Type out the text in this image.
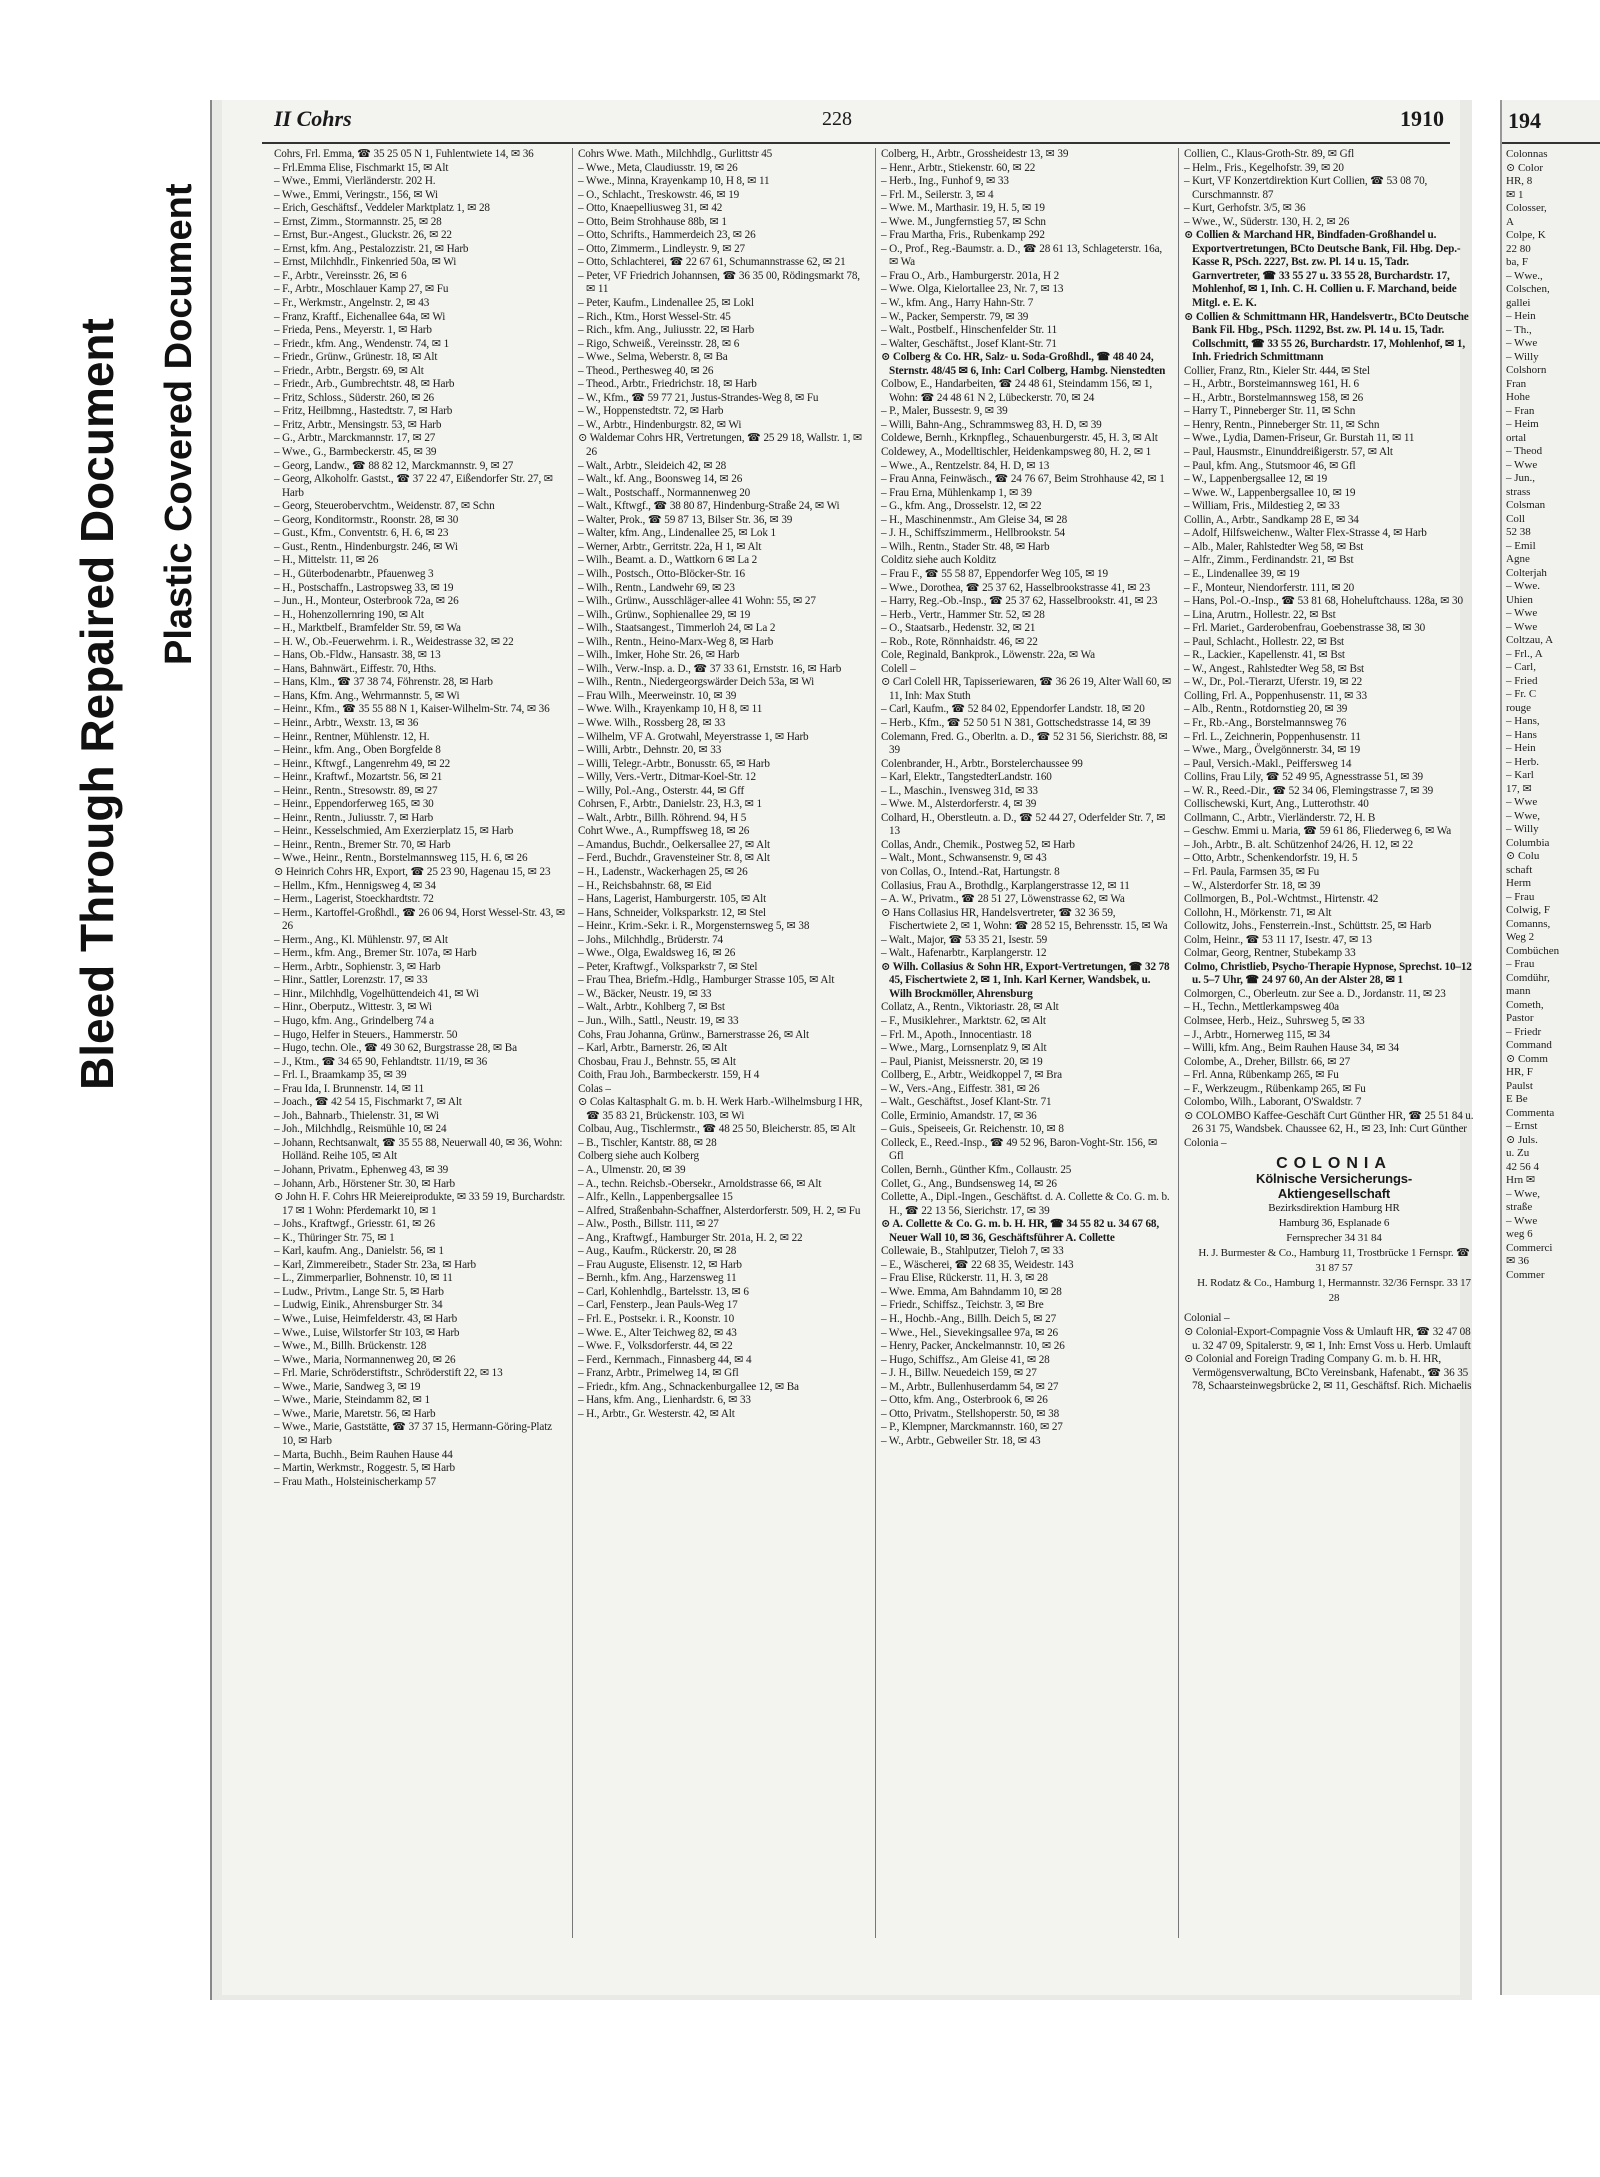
Bleed Through Repaired Document Plastic Covered Document
II Cohrs	228	1910

Cohrs, Frl. Emma, ☎ 35 25 05 N 1, Fuhlentwiete 14, ✉ 36

– Frl.Emma Elise, Fischmarkt 15, ✉ Alt

– Wwe., Emmi, Vierländerstr. 202 H.

– Wwe., Emmi, Veringstr., 156, ✉ Wi

– Erich, Geschäftsf., Veddeler Marktplatz 1, ✉ 28

– Ernst, Zimm., Stormannstr. 25, ✉ 28

– Ernst, Bur.-Angest., Gluckstr. 26, ✉ 22

– Ernst, kfm. Ang., Pestalozzistr. 21, ✉ Harb

– Ernst, Milchhdlr., Finkenried 50a, ✉ Wi

– F., Arbtr., Vereinsstr. 26, ✉ 6

– F., Arbtr., Moschlauer Kamp 27, ✉ Fu

– Fr., Werkmstr., Angelnstr. 2, ✉ 43

– Franz, Kraftf., Eichenallee 64a, ✉ Wi

– Frieda, Pens., Meyerstr. 1, ✉ Harb

– Friedr., kfm. Ang., Wendenstr. 74, ✉ 1

– Friedr., Grünw., Grünestr. 18, ✉ Alt

– Friedr., Arbtr., Bergstr. 69, ✉ Alt

– Friedr., Arb., Gumbrechtstr. 48, ✉ Harb

– Fritz, Schloss., Süderstr. 260, ✉ 26

– Fritz, Heilbmng., Hastedtstr. 7, ✉ Harb

– Fritz, Arbtr., Mensingstr. 53, ✉ Harb

– G., Arbtr., Marckmannstr. 17, ✉ 27

– Wwe., G., Barmbeckerstr. 45, ✉ 39

– Georg, Landw., ☎ 88 82 12, Marckmannstr. 9, ✉ 27

– Georg, Alkoholfr. Gastst., ☎ 37 22 47, Eißendorfer Str. 27, ✉ Harb

– Georg, Steuerobervchtm., Weidenstr. 87, ✉ Schn

– Georg, Konditormstr., Roonstr. 28, ✉ 30

– Gust., Kfm., Conventstr. 6, H. 6, ✉ 23

– Gust., Rentn., Hindenburgstr. 246, ✉ Wi

– H., Mittelstr. 11, ✉ 26

– H., Güterbodenarbtr., Pfauenweg 3

– H., Postschaffn., Lastropsweg 33, ✉ 19

– Jun., H., Monteur, Osterbrook 72a, ✉ 26

– H., Hohenzollernring 190, ✉ Alt

– H., Marktbelf., Bramfelder Str. 59, ✉ Wa

– H. W., Ob.-Feuerwehrm. i. R., Weidestrasse 32, ✉ 22

– Hans, Ob.-Fldw., Hansastr. 38, ✉ 13

– Hans, Bahnwärt., Eiffestr. 70, Hths.

– Hans, Klm., ☎ 37 38 74, Föhrenstr. 28, ✉ Harb

– Hans, Kfm. Ang., Wehrmannstr. 5, ✉ Wi

– Heinr., Kfm., ☎ 35 55 88 N 1, Kaiser-Wilhelm-Str. 74, ✉ 36

– Heinr., Arbtr., Wexstr. 13, ✉ 36

– Heinr., Rentner, Mühlenstr. 12, H.

– Heinr., kfm. Ang., Oben Borgfelde 8

– Heinr., Kftwgf., Langenrehm 49, ✉ 22

– Heinr., Kraftwf., Mozartstr. 56, ✉ 21

– Heinr., Rentn., Stresowstr. 89, ✉ 27

– Heinr., Eppendorferweg 165, ✉ 30

– Heinr., Rentn., Juliusstr. 7, ✉ Harb

– Heinr., Kesselschmied, Am Exerzierplatz 15, ✉ Harb

– Heinr., Rentn., Bremer Str. 70, ✉ Harb

– Wwe., Heinr., Rentn., Borstelmannsweg 115, H. 6, ✉ 26

⊙ Heinrich Cohrs HR, Export, ☎ 25 23 90, Hagenau 15, ✉ 23

– Hellm., Kfm., Hennigsweg 4, ✉ 34

– Herm., Lagerist, Stoeckhardtstr. 72

– Herm., Kartoffel-Großhdl., ☎ 26 06 94, Horst Wessel-Str. 43, ✉ 26

– Herm., Ang., Kl. Mühlenstr. 97, ✉ Alt

– Herm., kfm. Ang., Bremer Str. 107a, ✉ Harb

– Herm., Arbtr., Sophienstr. 3, ✉ Harb

– Hinr., Sattler, Lorenzstr. 17, ✉ 33

– Hinr., Milchhdlg, Vogelhüttendeich 41, ✉ Wi

– Hinr., Oberputz., Wittestr. 3, ✉ Wi

– Hugo, kfm. Ang., Grindelberg 74 a

– Hugo, Helfer in Steuers., Hammerstr. 50

– Hugo, techn. Ole., ☎ 49 30 62, Burgstrasse 28, ✉ Ba

– J., Ktm., ☎ 34 65 90, Fehlandtstr. 11/19, ✉ 36

– Frl. I., Braamkamp 35, ✉ 39

– Frau Ida, I. Brunnenstr. 14, ✉ 11

– Joach., ☎ 42 54 15, Fischmarkt 7, ✉ Alt

– Joh., Bahnarb., Thielenstr. 31, ✉ Wi

– Joh., Milchhdlg., Reismühle 10, ✉ 24

– Johann, Rechtsanwalt, ☎ 35 55 88, Neuerwall 40, ✉ 36, Wohn: Holländ. Reihe 105, ✉ Alt

– Johann, Privatm., Ephenweg 43, ✉ 39

– Johann, Arb., Hörstener Str. 30, ✉ Harb

⊙ John H. F. Cohrs HR Meiereiprodukte, ✉ 33 59 19, Burchardstr. 17 ✉ 1 Wohn: Pferdemarkt 10, ✉ 1

– Johs., Kraftwgf., Griesstr. 61, ✉ 26

– K., Thüringer Str. 75, ✉ 1

– Karl, kaufm. Ang., Danielstr. 56, ✉ 1

– Karl, Zimmereibetr., Stader Str. 23a, ✉ Harb

– L., Zimmerparlier, Bohnenstr. 10, ✉ 11

– Ludw., Privtm., Lange Str. 5, ✉ Harb

– Ludwig, Einik., Ahrensburger Str. 34

– Wwe., Luise, Heimfelderstr. 43, ✉ Harb

– Wwe., Luise, Wilstorfer Str 103, ✉ Harb

– Wwe., M., Billh. Brückenstr. 128

– Wwe., Maria, Normannenweg 20, ✉ 26

– Frl. Marie, Schröderstiftstr., Schröderstift 22, ✉ 13

– Wwe., Marie, Sandweg 3, ✉ 19

– Wwe., Marie, Steindamm 82, ✉ 1

– Wwe., Marie, Maretstr. 56, ✉ Harb

– Wwe., Marie, Gaststätte, ☎ 37 37 15, Hermann-Göring-Platz 10, ✉ Harb

– Marta, Buchh., Beim Rauhen Hause 44

– Martin, Werkmstr., Roggestr. 5, ✉ Harb

– Frau Math., Holsteinischerkamp 57

Cohrs Wwe. Math., Milchhdlg., Gurlittstr 45

– Wwe., Meta, Claudiusstr. 19, ✉ 26

– Wwe., Minna, Krayenkamp 10, H 8, ✉ 11

– O., Schlacht., Treskowstr. 46, ✉ 19

– Otto, Knaepelliusweg 31, ✉ 42

– Otto, Beim Strohhause 88b, ✉ 1

– Otto, Schrifts., Hammerdeich 23, ✉ 26

– Otto, Zimmerm., Lindleystr. 9, ✉ 27

– Otto, Schlachterei, ☎ 22 67 61, Schumannstrasse 62, ✉ 21

– Peter, VF Friedrich Johannsen, ☎ 36 35 00, Rödingsmarkt 78, ✉ 11

– Peter, Kaufm., Lindenallee 25, ✉ Lokl

– Rich., Ktm., Horst Wessel-Str. 45

– Rich., kfm. Ang., Juliusstr. 22, ✉ Harb

– Rigo, Schweiß., Vereinsstr. 28, ✉ 6

– Wwe., Selma, Weberstr. 8, ✉ Ba

– Theod., Perthesweg 40, ✉ 26

– Theod., Arbtr., Friedrichstr. 18, ✉ Harb

– W., Kfm., ☎ 59 77 21, Justus-Strandes-Weg 8, ✉ Fu

– W., Hoppenstedtstr. 72, ✉ Harb

– W., Arbtr., Hindenburgstr. 82, ✉ Wi

⊙ Waldemar Cohrs HR, Vertretungen, ☎ 25 29 18, Wallstr. 1, ✉ 26

– Walt., Arbtr., Sleideich 42, ✉ 28

– Walt., kf. Ang., Boonsweg 14, ✉ 26

– Walt., Postschaff., Normannenweg 20

– Walt., Kftwgf., ☎ 38 80 87, Hindenburg-Straße 24, ✉ Wi

– Walter, Prok., ☎ 59 87 13, Bilser Str. 36, ✉ 39

– Walter, kfm. Ang., Lindenallee 25, ✉ Lok 1

– Werner, Arbtr., Gerritstr. 22a, H 1, ✉ Alt

– Wilh., Beamt. a. D., Wattkorn 6 ✉ La 2

– Wilh., Postsch., Otto-Blöcker-Str. 16

– Wilh., Rentn., Landwehr 69, ✉ 23

– Wilh., Grünw., Ausschläger-allee 41 Wohn: 55, ✉ 27

– Wilh., Grünw., Sophienallee 29, ✉ 19

– Wilh., Staatsangest., Timmerloh 24, ✉ La 2

– Wilh., Rentn., Heino-Marx-Weg 8, ✉ Harb

– Wilh., Imker, Hohe Str. 26, ✉ Harb

– Wilh., Verw.-Insp. a. D., ☎ 37 33 61, Ernststr. 16, ✉ Harb

– Wilh., Rentn., Niedergeorgswärder Deich 53a, ✉ Wi

– Frau Wilh., Meerweinstr. 10, ✉ 39

– Wwe. Wilh., Krayenkamp 10, H 8, ✉ 11

– Wwe. Wilh., Rossberg 28, ✉ 33

– Wilhelm, VF A. Grotwahl, Meyerstrasse 1, ✉ Harb

– Willi, Arbtr., Dehnstr. 20, ✉ 33

– Willi, Telegr.-Arbtr., Bonusstr. 65, ✉ Harb

– Willy, Vers.-Vertr., Ditmar-Koel-Str. 12

– Willy, Pol.-Ang., Osterstr. 44, ✉ Gff

Cohrsen, F., Arbtr., Danielstr. 23, H.3, ✉ 1

– Walt., Arbtr., Billh. Röhrend. 94, H 5

Cohrt Wwe., A., Rumpffsweg 18, ✉ 26

– Amandus, Buchdr., Oelkersallee 27, ✉ Alt

– Ferd., Buchdr., Gravensteiner Str. 8, ✉ Alt

– H., Ladenstr., Wackerhagen 25, ✉ 26

– H., Reichsbahnstr. 68, ✉ Eid

– Hans, Lagerist, Hamburgerstr. 105, ✉ Alt

– Hans, Schneider, Volksparkstr. 12, ✉ Stel

– Heinr., Krim.-Sekr. i. R., Morgensternsweg 5, ✉ 38

– Johs., Milchhdlg., Brüderstr. 74

– Wwe., Olga, Ewaldsweg 16, ✉ 26

– Peter, Kraftwgf., Volksparkstr 7, ✉ Stel

– Frau Thea, Briefm.-Hdlg., Hamburger Strasse 105, ✉ Alt

– W., Bäcker, Neustr. 19, ✉ 33

– Walt., Arbtr., Kohlberg 7, ✉ Bst

– Jun., Wilh., Sattl., Neustr. 19, ✉ 33

Cohs, Frau Johanna, Grünw., Barnerstrasse 26, ✉ Alt

– Karl, Arbtr., Barnerstr. 26, ✉ Alt

Chosbau, Frau J., Behnstr. 55, ✉ Alt

Coith, Frau Joh., Barmbeckerstr. 159, H 4

Colas –

⊙ Colas Kaltasphalt G. m. b. H. Werk Harb.-Wilhelmsburg I HR, ☎ 35 83 21, Brückenstr. 103, ✉ Wi

Colbau, Aug., Tischlermstr., ☎ 48 25 50, Bleicherstr. 85, ✉ Alt

– B., Tischler, Kantstr. 88, ✉ 28

Colberg siehe auch Kolberg

– A., Ulmenstr. 20, ✉ 39

– A., techn. Reichsb.-Obersekr., Arnoldstrasse 66, ✉ Alt

– Alfr., Kelln., Lappenbergsallee 15

– Alfred, Straßenbahn-Schaffner, Alsterdorferstr. 509, H. 2, ✉ Fu

– Alw., Posth., Billstr. 111, ✉ 27

– Ang., Kraftwgf., Hamburger Str. 201a, H. 2, ✉ 22

– Aug., Kaufm., Rückerstr. 20, ✉ 28

– Frau Auguste, Elisenstr. 12, ✉ Harb

– Bernh., kfm. Ang., Harzensweg 11

– Carl, Kohlenhdlg., Bartelsstr. 13, ✉ 6

– Carl, Fensterp., Jean Pauls-Weg 17

– Frl. E., Postsekr. i. R., Koonstr. 10

– Wwe. E., Alter Teichweg 82, ✉ 43

– Wwe. F., Volksdorferstr. 44, ✉ 22

– Ferd., Kernmach., Finnasberg 44, ✉ 4

– Franz, Arbtr., Primelweg 14, ✉ Gfl

– Friedr., kfm. Ang., Schnackenburgallee 12, ✉ Ba

– Hans, kfm. Ang., Lienhardstr. 6, ✉ 33

– H., Arbtr., Gr. Westerstr. 42, ✉ Alt

Colberg, H., Arbtr., Grossheidestr 13, ✉ 39

– Henr., Arbtr., Stiekenstr. 60, ✉ 22

– Herb., Ing., Funhof 9, ✉ 33

– Frl. M., Seilerstr. 3, ✉ 4

– Wwe. M., Marthasir. 19, H. 5, ✉ 19

– Wwe. M., Jungfernstieg 57, ✉ Schn

– Frau Martha, Fris., Rubenkamp 292

– O., Prof., Reg.-Baumstr. a. D., ☎ 28 61 13, Schlageterstr. 16a, ✉ Wa

– Frau O., Arb., Hamburgerstr. 201a, H 2

– Wwe. Olga, Kielortallee 23, Nr. 7, ✉ 13

– W., kfm. Ang., Harry Hahn-Str. 7

– W., Packer, Semperstr. 79, ✉ 39

– Walt., Postbelf., Hinschenfelder Str. 11

– Walter, Geschäftst., Josef Klant-Str. 71

⊙ Colberg & Co. HR, Salz- u. Soda-Großhdl., ☎ 48 40 24, Sternstr. 48/45 ✉ 6, Inh: Carl Colberg, Hambg. Nienstedten

Colbow, E., Handarbeiten, ☎ 24 48 61, Steindamm 156, ✉ 1, Wohn: ☎ 24 48 61 N 2, Lübeckerstr. 70, ✉ 24

– P., Maler, Bussestr. 9, ✉ 39

– Willi, Bahn-Ang., Schrammsweg 83, H. D, ✉ 39

Coldewe, Bernh., Krknpfleg., Schauenburgerstr. 45, H. 3, ✉ Alt

Coldewey, A., Modelltischler, Heidenkampsweg 80, H. 2, ✉ 1

– Wwe., A., Rentzelstr. 84, H. D, ✉ 13

– Frau Anna, Feinwäsch., ☎ 24 76 67, Beim Strohhause 42, ✉ 1

– Frau Erna, Mühlenkamp 1, ✉ 39

– G., kfm. Ang., Drosselstr. 12, ✉ 22

– H., Maschinenmstr., Am Gleise 34, ✉ 28

– J. H., Schiffszimmerm., Hellbrookstr. 54

– Wilh., Rentn., Stader Str. 48, ✉ Harb

Colditz siehe auch Kolditz

– Frau F., ☎ 55 58 87, Eppendorfer Weg 105, ✉ 19

– Wwe., Dorothea, ☎ 25 37 62, Hasselbrookstrasse 41, ✉ 23

– Harry, Reg.-Ob.-Insp., ☎ 25 37 62, Hasselbrookstr. 41, ✉ 23

– Herb., Vertr., Hammer Str. 52, ✉ 28

– O., Staatsarb., Hedenstr. 32, ✉ 21

– Rob., Rote, Rönnhaidstr. 46, ✉ 22

Cole, Reginald, Bankprok., Löwenstr. 22a, ✉ Wa

Colell –

⊙ Carl Colell HR, Tapisseriewaren, ☎ 36 26 19, Alter Wall 60, ✉ 11, Inh: Max Stuth

– Carl, Kaufm., ☎ 52 84 02, Eppendorfer Landstr. 18, ✉ 20

– Herb., Kfm., ☎ 52 50 51 N 381, Gottschedstrasse 14, ✉ 39

Colemann, Fred. G., Oberltn. a. D., ☎ 52 31 56, Sierichstr. 88, ✉ 39

Colenbrander, H., Arbtr., Borstelerchaussee 99

– Karl, Elektr., TangstedterLandstr. 160

– L., Maschin., Ivensweg 31d, ✉ 33

– Wwe. M., Alsterdorferstr. 4, ✉ 39

Colhard, H., Oberstleutn. a. D., ☎ 52 44 27, Oderfelder Str. 7, ✉ 13

Collas, Andr., Chemik., Postweg 52, ✉ Harb

– Walt., Mont., Schwansenstr. 9, ✉ 43

von Collas, O., Intend.-Rat, Hartungstr. 8

Collasius, Frau A., Brothdlg., Karplangerstrasse 12, ✉ 11

– A. W., Privatm., ☎ 28 51 27, Löwenstrasse 62, ✉ Wa

⊙ Hans Collasius HR, Handelsvertreter, ☎ 32 36 59, Fischertwiete 2, ✉ 1, Wohn: ☎ 28 52 15, Behrensstr. 15, ✉ Wa

– Walt., Major, ☎ 53 35 21, Isestr. 59

– Walt., Hafenarbtr., Karplangerstr. 12

⊙ Wilh. Collasius & Sohn HR, Export-Vertretungen, ☎ 32 78 45, Fischertwiete 2, ✉ 1, Inh. Karl Kerner, Wandsbek, u. Wilh Brockmöller, Ahrensburg

Collatz, A., Rentn., Viktoriastr. 28, ✉ Alt

– F., Musiklehrer., Marktstr. 62, ✉ Alt

– Frl. M., Apoth., Innocentiastr. 18

– Wwe., Marg., Lornsenplatz 9, ✉ Alt

– Paul, Pianist, Meissnerstr. 20, ✉ 19

Collberg, E., Arbtr., Weidkoppel 7, ✉ Bra

– W., Vers.-Ang., Eiffestr. 381, ✉ 26

– Walt., Geschäftst., Josef Klant-Str. 71

Colle, Erminio, Amandstr. 17, ✉ 36

– Guis., Speiseeis, Gr. Reichenstr. 10, ✉ 8

Colleck, E., Reed.-Insp., ☎ 49 52 96, Baron-Voght-Str. 156, ✉ Gfl

Collen, Bernh., Günther Kfm., Collaustr. 25

Collet, G., Ang., Bundsensweg 14, ✉ 26

Collette, A., Dipl.-Ingen., Geschäftst. d. A. Collette & Co. G. m. b. H., ☎ 22 13 56, Sierichstr. 17, ✉ 39

⊙ A. Collette & Co. G. m. b. H. HR, ☎ 34 55 82 u. 34 67 68, Neuer Wall 10, ✉ 36, Geschäftsführer A. Collette

Collewaie, B., Stahlputzer, Tieloh 7, ✉ 33

– E., Wäscherei, ☎ 22 68 35, Weidestr. 143

– Frau Elise, Rückerstr. 11, H. 3, ✉ 28

– Wwe. Emma, Am Bahndamm 10, ✉ 28

– Friedr., Schiffsz., Teichstr. 3, ✉ Bre

– H., Hochb.-Ang., Billh. Deich 5, ✉ 27

– Wwe., Hel., Sievekingsallee 97a, ✉ 26

– Henry, Packer, Anckelmannstr. 10, ✉ 26

– Hugo, Schiffsz., Am Gleise 41, ✉ 28

– J. H., Billw. Neuedeich 159, ✉ 27

– M., Arbtr., Bullenhuserdamm 54, ✉ 27

– Otto, kfm. Ang., Osterbrook 6, ✉ 26

– Otto, Privatm., Stellshoperstr. 50, ✉ 38

– P., Klempner, Marckmannstr. 160, ✉ 27

– W., Arbtr., Gebweiler Str. 18, ✉ 43

Collien, C., Klaus-Groth-Str. 89, ✉ Gfl

– Helm., Fris., Kegelhofstr. 39, ✉ 20

– Kurt, VF Konzertdirektion Kurt Collien, ☎ 53 08 70, Curschmannstr. 87

– Kurt, Gerhofstr. 3/5, ✉ 36

– Wwe., W., Süderstr. 130, H. 2, ✉ 26

⊙ Collien & Marchand HR, Bindfaden-Großhandel u. Exportvertretungen, BCto Deutsche Bank, Fil. Hbg. Dep.-Kasse R, PSch. 2227, Bst. zw. Pl. 14 u. 15, Tadr. Garnvertreter, ☎ 33 55 27 u. 33 55 28, Burchardstr. 17, Mohlenhof, ✉ 1, Inh. C. H. Collien u. F. Marchand, beide Mitgl. e. E. K.

⊙ Collien & Schmittmann HR, Handelsvertr., BCto Deutsche Bank Fil. Hbg., PSch. 11292, Bst. zw. Pl. 14 u. 15, Tadr. Collschmitt, ☎ 33 55 26, Burchardstr. 17, Mohlenhof, ✉ 1, Inh. Friedrich Schmittmann

Collier, Franz, Rtn., Kieler Str. 444, ✉ Stel

– H., Arbtr., Borsteimannsweg 161, H. 6

– H., Arbtr., Borstelmannsweg 158, ✉ 26

– Harry T., Pinneberger Str. 11, ✉ Schn

– Henry, Rentn., Pinneberger Str. 11, ✉ Schn

– Wwe., Lydia, Damen-Friseur, Gr. Burstah 11, ✉ 11

– Paul, Hausmstr., Einunddreißigerstr. 57, ✉ Alt

– Paul, kfm. Ang., Stutsmoor 46, ✉ Gfl

– W., Lappenbergsallee 12, ✉ 19

– Wwe. W., Lappenbergsallee 10, ✉ 19

– William, Fris., Mildestieg 2, ✉ 33

Collin, A., Arbtr., Sandkamp 28 E, ✉ 34

– Adolf, Hilfsweichenw., Walter Flex-Strasse 4, ✉ Harb

– Alb., Maler, Rahlstedter Weg 58, ✉ Bst

– Alfr., Zimm., Ferdinandstr. 21, ✉ Bst

– E., Lindenallee 39, ✉ 19

– F., Monteur, Niendorferstr. 111, ✉ 20

– Hans, Pol.-O.-Insp., ☎ 53 81 68, Hoheluftchauss. 128a, ✉ 30

– Lina, Arutrn., Hollestr. 22, ✉ Bst

– Frl. Mariet., Garderobenfrau, Goebenstrasse 38, ✉ 30

– Paul, Schlacht., Hollestr. 22, ✉ Bst

– R., Lackier., Kapellenstr. 41, ✉ Bst

– W., Angest., Rahlstedter Weg 58, ✉ Bst

– W., Dr., Pol.-Tierarzt, Uferstr. 19, ✉ 22

Colling, Frl. A., Poppenhusenstr. 11, ✉ 33

– Alb., Rentn., Rotdornstieg 20, ✉ 39

– Fr., Rb.-Ang., Borstelmannsweg 76

– Frl. L., Zeichnerin, Poppenhusenstr. 11

– Wwe., Marg., Övelgönnerstr. 34, ✉ 19

– Paul, Versich.-Makl., Peiffersweg 14

Collins, Frau Lily, ☎ 52 49 95, Agnesstrasse 51, ✉ 39

– W. R., Reed.-Dir., ☎ 52 34 06, Flemingstrasse 7, ✉ 39

Collischewski, Kurt, Ang., Lutterothstr. 40

Collmann, C., Arbtr., Vierländerstr. 72, H. B

– Geschw. Emmi u. Maria, ☎ 59 61 86, Fliederweg 6, ✉ Wa

– Joh., Arbtr., B. alt. Schützenhof 24/26, H. 12, ✉ 22

– Otto, Arbtr., Schenkendorfstr. 19, H. 5

– Frl. Paula, Farmsen 35, ✉ Fu

– W., Alsterdorfer Str. 18, ✉ 39

Collmorgen, B., Pol.-Wchtmst., Hirtenstr. 42

Collohn, H., Mörkenstr. 71, ✉ Alt

Collowitz, Johs., Fensterrein.-Inst., Schüttstr. 25, ✉ Harb

Colm, Heinr., ☎ 53 11 17, Isestr. 47, ✉ 13

Colmar, Georg, Rentner, Stubekamp 33

Colmo, Christlieb, Psycho-Therapie Hypnose, Sprechst. 10–12 u. 5–7 Uhr, ☎ 24 97 60, An der Alster 28, ✉ 1

Colmorgen, C., Oberleutn. zur See a. D., Jordanstr. 11, ✉ 23

– H., Techn., Mettlerkampsweg 40a

Colmsee, Herb., Heiz., Suhrsweg 5, ✉ 33

– J., Arbtr., Hornerweg 115, ✉ 34

– Willi, kfm. Ang., Beim Rauhen Hause 34, ✉ 34

Colombe, A., Dreher, Billstr. 66, ✉ 27

– Frl. Anna, Rübenkamp 265, ✉ Fu

– F., Werkzeugm., Rübenkamp 265, ✉ Fu

Colombo, Wilh., Laborant, O'Swaldstr. 7

⊙ COLOMBO Kaffee-Geschäft Curt Günther HR, ☎ 25 51 84 u. 26 31 75, Wandsbek. Chaussee 62, H., ✉ 23, Inh: Curt Günther

Colonia –

COLONIA
Kölnische Versicherungs-
Aktiengesellschaft
Bezirksdirektion Hamburg HR
Hamburg 36, Esplanade 6
Fernsprecher 34 31 84
H. J. Burmester & Co., Hamburg 11, Trostbrücke 1 Fernspr. ☎ 31 87 57
H. Rodatz & Co., Hamburg 1, Hermannstr. 32/36 Fernspr. 33 17 28

Colonial –

⊙ Colonial-Export-Compagnie Voss & Umlauft HR, ☎ 32 47 08 u. 32 47 09, Spitalerstr. 9, ✉ 1, Inh: Ernst Voss u. Herb. Umlauft

⊙ Colonial and Foreign Trading Company G. m. b. H. HR, Vermögensverwaltung, BCto Vereinsbank, Hafenabt., ☎ 36 35 78, Schaarsteinwegsbrücke 2, ✉ 11, Geschäftsf. Rich. Michaelis

194
Colonnas
⊙ Color
HR, 8
✉ 1
Colosser,
A
Colpe, K
22 80
ba, F
– Wwe.,
Colschen,
gallei
– Hein
– Th.,
– Wwe
– Willy
Colshorn
Fran
Hohe
– Fran
– Heim
ortal
– Theod
– Wwe
– Jun.,
strass
Colsman
Coll
52 38
– Emil
Agne
Colterjah
– Wwe.
Uhien
– Wwe
– Wwe
Coltzau, A
– Frl., A
– Carl,
– Fried
– Fr. C
rouge
– Hans,
– Hans
– Hein
– Herb.
– Karl
17, ✉
– Wwe
– Wwe,
– Willy
Columbia
⊙ Colu
schaft
Herm
– Frau
Colwig, F
Comanns,
Weg 2
Combüchen
– Frau
Comdühr,
mann
Cometh,
Pastor
– Friedr
Command
⊙ Comm
HR, F
Paulst
E Be
Commenta
– Ernst
⊙ Juls.
u. Zu
42 56 4
Hrn ✉
– Wwe,
straße
– Wwe
weg 6
Commerci
✉ 36
Commer
